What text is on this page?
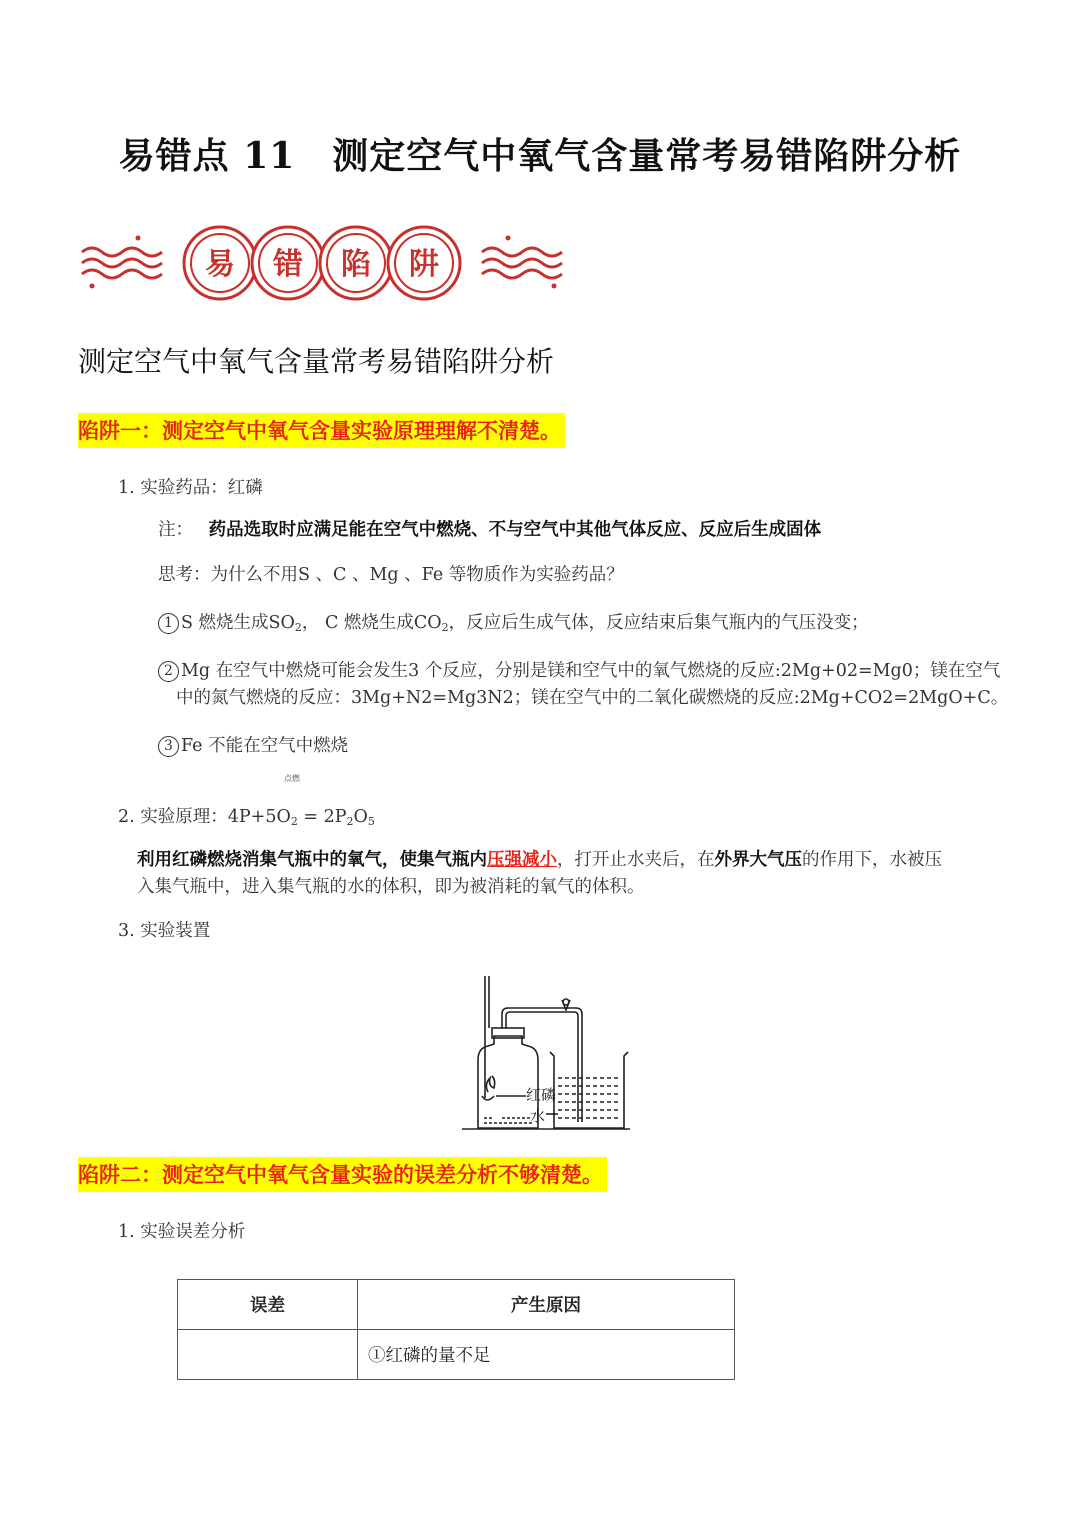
易错点 11　测定空气中氧气含量常考易错陷阱分析
易 错 陷 阱
测定空气中氧气含量常考易错陷阱分析
陷阱一：测定空气中氧气含量实验原理理解不清楚。
1. 实验药品：红磷
注： 药品选取时应满足能在空气中燃烧、不与空气中其他气体反应、反应后生成固体
思考：为什么不用S 、C 、Mg 、Fe 等物质作为实验药品？
1 S 燃烧生成$SO_2$， C 燃烧生成$CO_2$，反应后生成气体，反应结束后集气瓶内的气压没变；
2 Mg 在空气中燃烧可能会发生3 个反应，分别是镁和空气中的氧气燃烧的反应:2Mg+02=Mg0；镁在空气
中的氮气燃烧的反应：3Mg+N2=Mg3N2；镁在空气中的二氧化碳燃烧的反应:2Mg+CO2=2MgO+C。
3 Fe 不能在空气中燃烧
点燃
2. 实验原理：$4P+5O_2 = 2P_2O_5$
利用红磷燃烧消集气瓶中的氧气，使集气瓶内压强减小，打开止水夹后，在外界大气压的作用下，水被压
入集气瓶中，进入集气瓶的水的体积，即为被消耗的氧气的体积。
3. 实验装置
红磷
水
陷阱二：测定空气中氧气含量实验的误差分析不够清楚。
1. 实验误差分析
误差	产生原因
	①红磷的量不足
